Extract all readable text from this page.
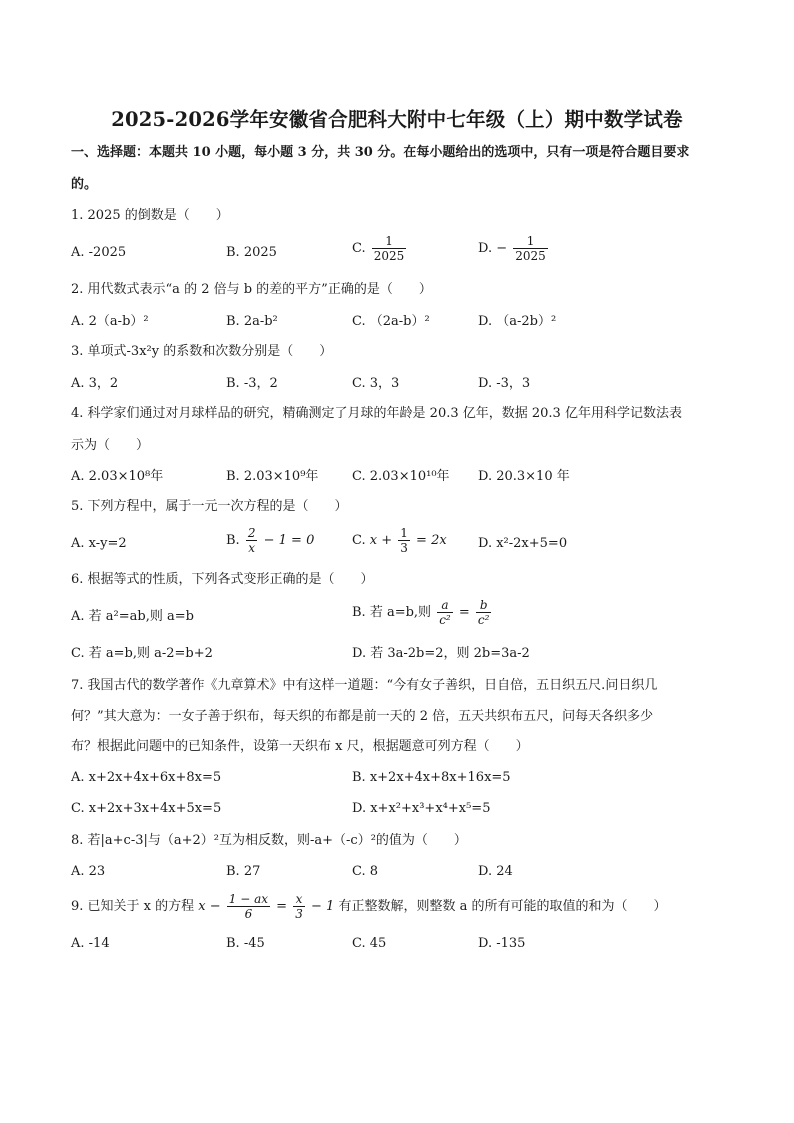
2025-2026学年安徽省合肥科大附中七年级（上）期中数学试卷
一、选择题：本题共 10 小题，每小题 3 分，共 30 分。在每小题给出的选项中，只有一项是符合题目要求
的。
1. 2025 的倒数是（　　）
A. -2025	B. 2025	C. $\frac{1}{2025}$	D. − $\frac{1}{2025}$
2. 用代数式表示“a 的 2 倍与 b 的差的平方”正确的是（　　）
A. 2（a-b）²	B. 2a-b²	C. （2a-b）²	D. （a-2b）²
3. 单项式-3x²y 的系数和次数分别是（　　）
A. 3，2	B. -3，2	C. 3，3	D. -3，3
4. 科学家们通过对月球样品的研究，精确测定了月球的年龄是 20.3 亿年，数据 20.3 亿年用科学记数法表
示为（　　）
A. 2.03×10⁸年	B. 2.03×10⁹年	C. 2.03×10¹⁰年 D. 20.3×10 年
5. 下列方程中，属于一元一次方程的是（　　）
A. x-y=2	B. $\frac{2}{x} - 1 = 0$	C. $x + \frac{1}{3} = 2x$ D. x²-2x+5=0
6. 根据等式的性质，下列各式变形正确的是（　　）
A. 若 a²=ab,则 a=b	B. 若 a=b,则 $\frac{a}{\text{c²}} = \frac{b}{\text{c²}}$
C. 若 a=b,则 a-2=b+2	D. 若 3a-2b=2，则 2b=3a-2
7. 我国古代的数学著作《九章算术》中有这样一道题：“今有女子善织，日自倍，五日织五尺.问日织几
何？”其大意为：一女子善于织布，每天织的布都是前一天的 2 倍，五天共织布五尺，问每天各织多少
布？根据此问题中的已知条件，设第一天织布 x 尺，根据题意可列方程（　　）
A. x+2x+4x+6x+8x=5	B. x+2x+4x+8x+16x=5
C. x+2x+3x+4x+5x=5	D. x+x²+x³+x⁴+x⁵=5
8. 若|a+c-3|与（a+2）²互为相反数，则-a+（-c）²的值为（　　）
A. 23	B. 27	C. 8	D. 24
9. 已知关于 x 的方程 $x - \frac{1 - ax}{6} = \frac{x}{3} - 1$ 有正整数解，则整数 a 的所有可能的取值的和为（　　）
A. -14	B. -45	C. 45	D. -135
